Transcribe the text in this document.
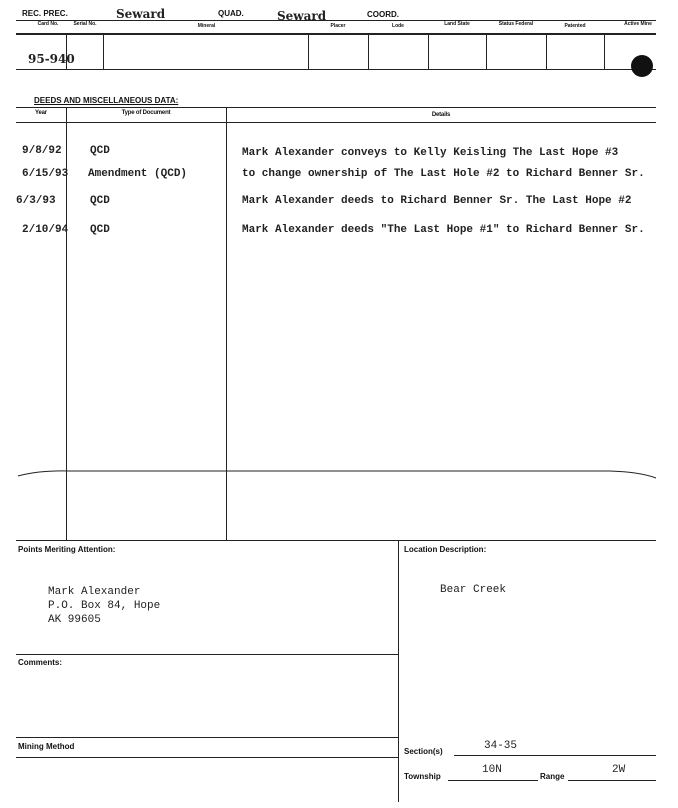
REC. PREC.	Seward	QUAD.	Seward	COORD.
Card No.	Serial No.	Mineral	Placer	Lode	Land State	Status Federal	Patented	Active Mine
95-940
DEEDS AND MISCELLANEOUS DATA:
Year	Type of Document	Details
9/8/92	QCD	Mark Alexander conveys to Kelly Keisling The Last Hope #3
6/15/93 Amendment (QCD)	to change ownership of The Last Hole #2 to Richard Benner Sr.
6/3/93	QCD	Mark Alexander deeds to Richard Benner Sr. The Last Hope #2
2/10/94 QCD	Mark Alexander deeds "The Last Hope #1" to Richard Benner Sr.
Points Meriting Attention:
Mark Alexander
P.O. Box 84, Hope
AK 99605
Location Description:
Bear Creek
Comments:
Mining Method
Section(s)	34-35
Township
10N
Range
2W
